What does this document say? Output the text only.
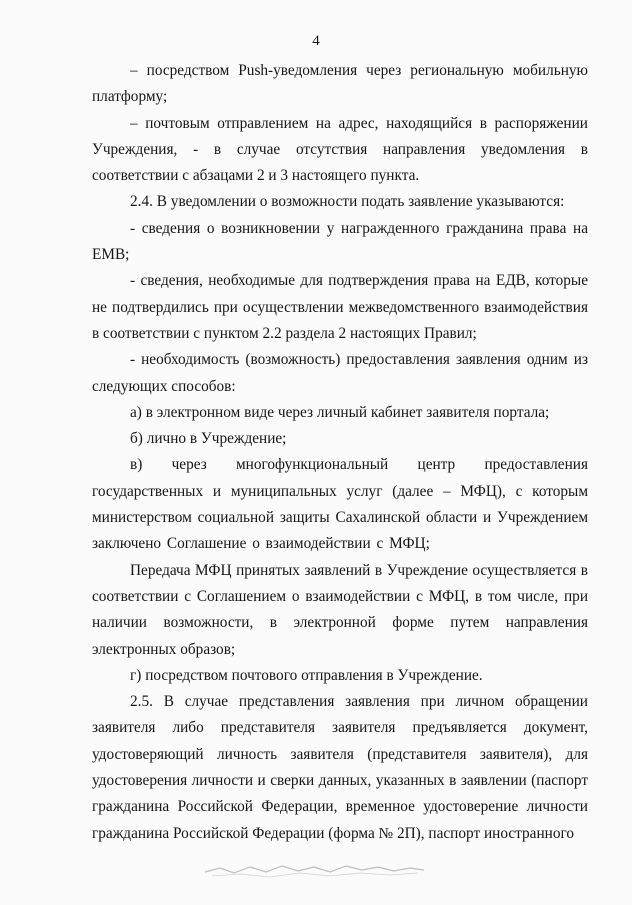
4

– посредством Push-уведомления через региональную мобильную платформу;

– почтовым отправлением на адрес, находящийся в распоряжении Учреждения, - в случае отсутствия направления уведомления в соответствии с абзацами 2 и 3 настоящего пункта.

2.4. В уведомлении о возможности подать заявление указываются:

- сведения о возникновении у награжденного гражданина права на ЕМВ;

- сведения, необходимые для подтверждения права на ЕДВ, которые не подтвердились при осуществлении межведомственного взаимодействия в соответствии с пунктом 2.2 раздела 2 настоящих Правил;

- необходимость (возможность) предоставления заявления одним из следующих способов:

а) в электронном виде через личный кабинет заявителя портала;

б) лично в Учреждение;

в) через многофункциональный центр предоставления государственных и муниципальных услуг (далее – МФЦ), с которым министерством социальной защиты Сахалинской области и Учреждением заключено Соглашение о взаимодействии с МФЦ;

Передача МФЦ принятых заявлений в Учреждение осуществляется в соответствии с Соглашением о взаимодействии с МФЦ, в том числе, при наличии возможности, в электронной форме путем направления электронных образов;

г) посредством почтового отправления в Учреждение.

2.5. В случае представления заявления при личном обращении заявителя либо представителя заявителя предъявляется документ, удостоверяющий личность заявителя (представителя заявителя), для удостоверения личности и сверки данных, указанных в заявлении (паспорт гражданина Российской Федерации, временное удостоверение личности гражданина Российской Федерации (форма № 2П), паспорт иностранного
